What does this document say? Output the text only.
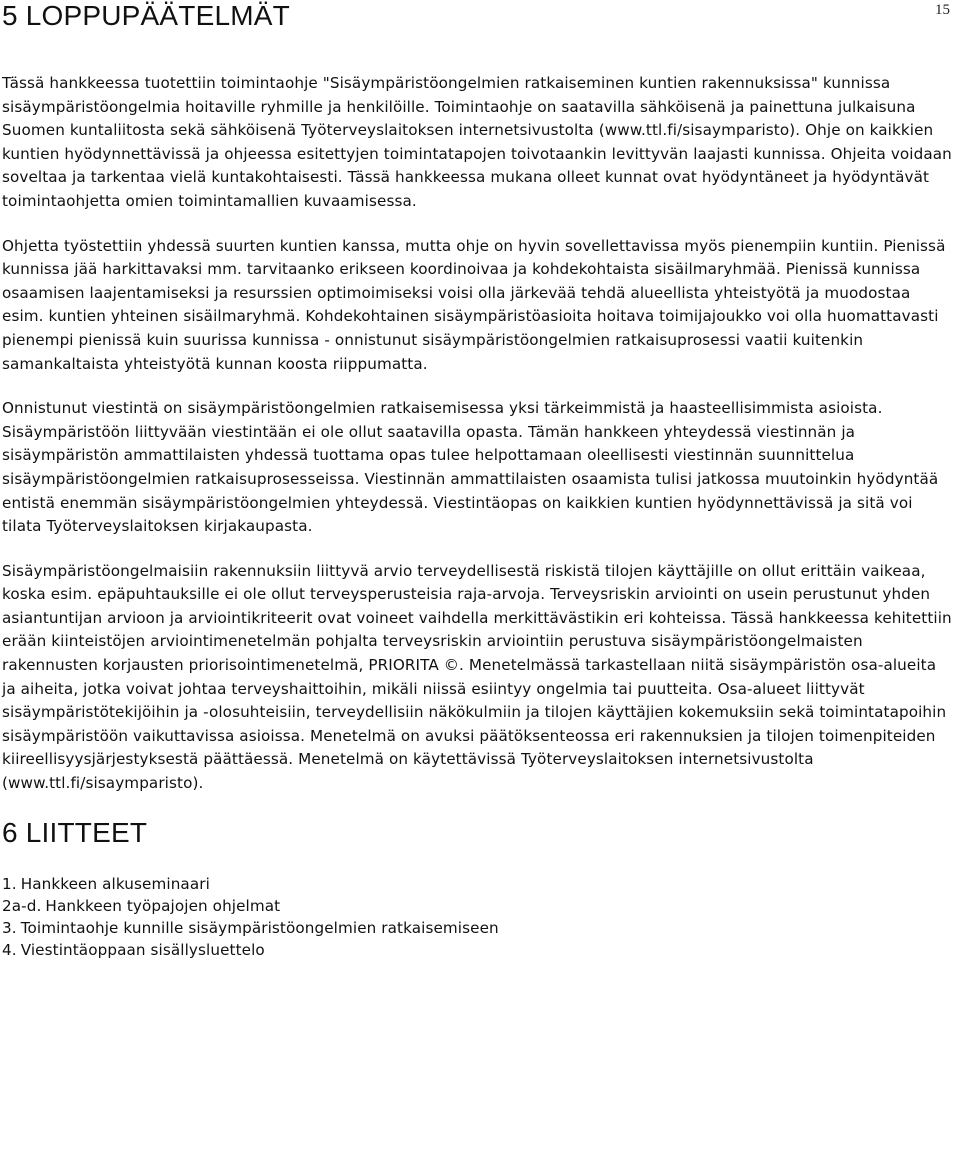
15
5 LOPPUPÄÄTELMÄT

Tässä hankkeessa tuotettiin toimintaohje "Sisäympäristöongelmien ratkaiseminen kuntien rakennuksissa" kunnissa sisäympäristöongelmia hoitaville ryhmille ja henkilöille. Toimintaohje on saatavilla sähköisenä ja painettuna julkaisuna Suomen kuntaliitosta sekä sähköisenä Työterveyslaitoksen internetsivustolta (www.ttl.fi/sisaymparisto). Ohje on kaikkien kuntien hyödynnettävissä ja ohjeessa esitettyjen toimintatapojen toivotaankin levittyvän laajasti kunnissa. Ohjeita voidaan soveltaa ja tarkentaa vielä kuntakohtaisesti. Tässä hankkeessa mukana olleet kunnat ovat hyödyntäneet ja hyödyntävät toimintaohjetta omien toimintamallien kuvaamisessa.

Ohjetta työstettiin yhdessä suurten kuntien kanssa, mutta ohje on hyvin sovellettavissa myös pienempiin kuntiin. Pienissä kunnissa jää harkittavaksi mm. tarvitaanko erikseen koordinoivaa ja kohdekohtaista sisäilmaryhmää. Pienissä kunnissa osaamisen laajentamiseksi ja resurssien optimoimiseksi voisi olla järkevää tehdä alueellista yhteistyötä ja muodostaa esim. kuntien yhteinen sisäilmaryhmä. Kohdekohtainen sisäympäristöasioita hoitava toimijajoukko voi olla huomattavasti pienempi pienissä kuin suurissa kunnissa - onnistunut sisäympäristöongelmien ratkaisuprosessi vaatii kuitenkin samankaltaista yhteistyötä kunnan koosta riippumatta.

Onnistunut viestintä on sisäympäristöongelmien ratkaisemisessa yksi tärkeimmistä ja haasteellisimmista asioista. Sisäympäristöön liittyvään viestintään ei ole ollut saatavilla opasta. Tämän hankkeen yhteydessä viestinnän ja sisäympäristön ammattilaisten yhdessä tuottama opas tulee helpottamaan oleellisesti viestinnän suunnittelua sisäympäristöongelmien ratkaisuprosesseissa. Viestinnän ammattilaisten osaamista tulisi jatkossa muutoinkin hyödyntää entistä enemmän sisäympäristöongelmien yhteydessä. Viestintäopas on kaikkien kuntien hyödynnettävissä ja sitä voi tilata Työterveyslaitoksen kirjakaupasta.

Sisäympäristöongelmaisiin rakennuksiin liittyvä arvio terveydellisestä riskistä tilojen käyttäjille on ollut erittäin vaikeaa, koska esim. epäpuhtauksille ei ole ollut terveysperusteisia raja-arvoja. Terveysriskin arviointi on usein perustunut yhden asiantuntijan arvioon ja arviointikriteerit ovat voineet vaihdella merkittävästikin eri kohteissa. Tässä hankkeessa kehitettiin erään kiinteistöjen arviointimenetelmän pohjalta terveysriskin arviointiin perustuva sisäympäristöongelmaisten rakennusten korjausten priorisointimenetelmä, PRIORITA ©. Menetelmässä tarkastellaan niitä sisäympäristön osa-alueita ja aiheita, jotka voivat johtaa terveyshaittoihin, mikäli niissä esiintyy ongelmia tai puutteita. Osa-alueet liittyvät sisäympäristötekijöihin ja -olosuhteisiin, terveydellisiin näkökulmiin ja tilojen käyttäjien kokemuksiin sekä toimintatapoihin sisäympäristöön vaikuttavissa asioissa. Menetelmä on avuksi päätöksenteossa eri rakennuksien ja tilojen toimenpiteiden kiireellisyysjärjestyksestä päättäessä. Menetelmä on käytettävissä Työterveyslaitoksen internetsivustolta (www.ttl.fi/sisaymparisto).

6 LIITTEET
1. Hankkeen alkuseminaari
2a-d. Hankkeen työpajojen ohjelmat
3. Toimintaohje kunnille sisäympäristöongelmien ratkaisemiseen
4. Viestintäoppaan sisällysluettelo
